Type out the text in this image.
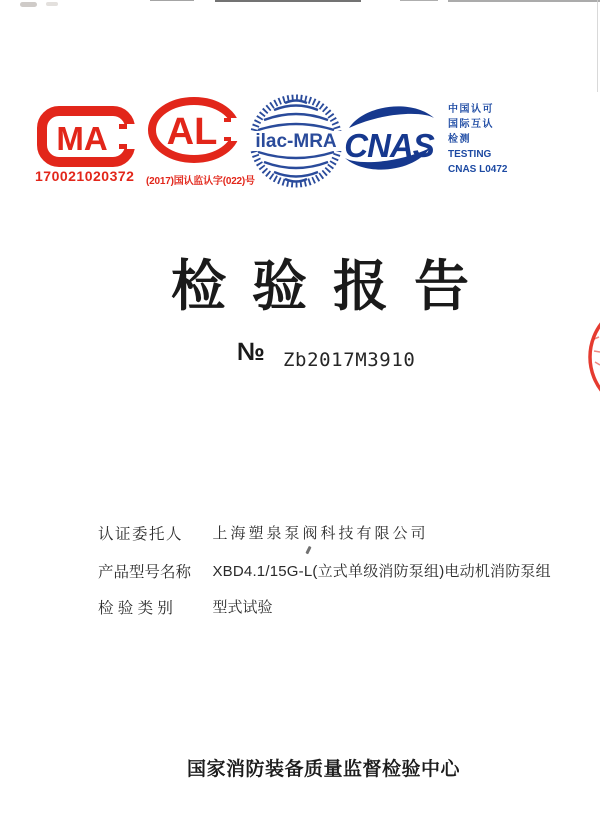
MA AL ilac-MRA CNAS
中国认可
国际互认
检测
TESTING
CNAS L0472
170021020372 (2017)国认监认字(022)号
检验报告
№ Zb2017M3910
认证委托人 上海塑泉泵阀科技有限公司
产品型号名称 XBD4.1/15G-L(立式单级消防泵组)电动机消防泵组
检 验 类 别	型式试验
国家消防装备质量监督检验中心
